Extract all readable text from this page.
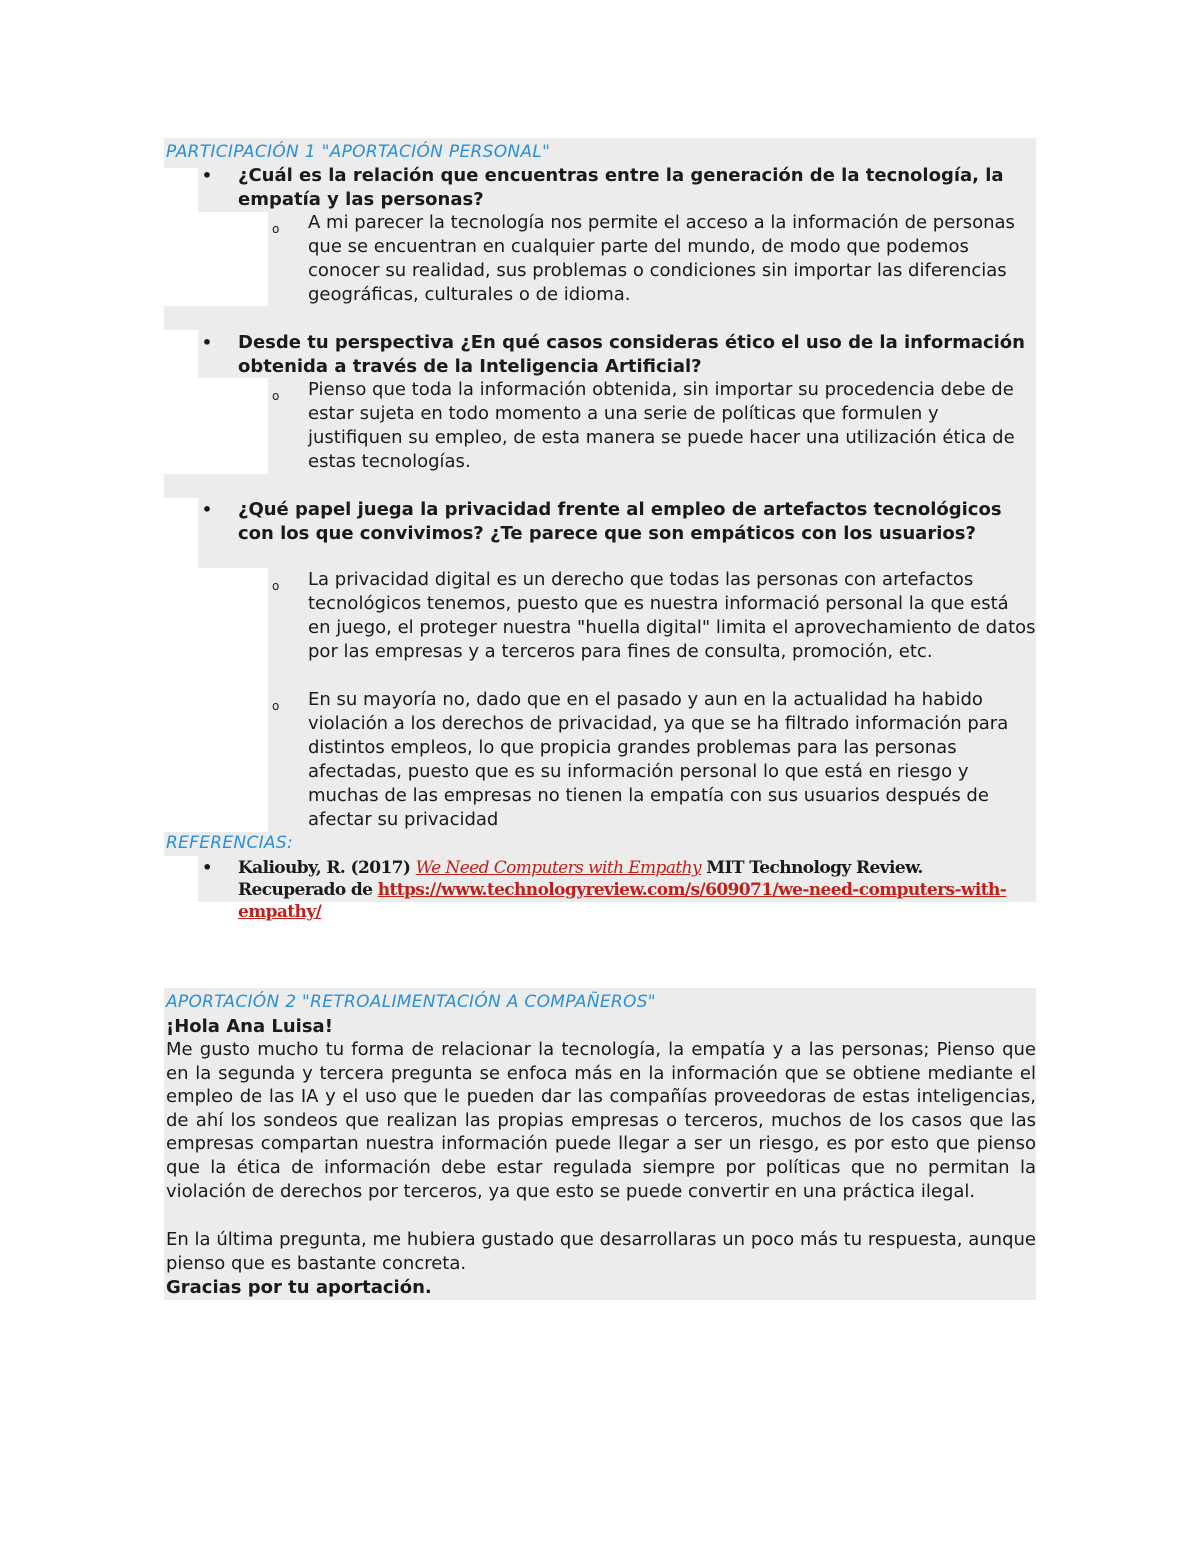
PARTICIPACIÓN 1 "APORTACIÓN PERSONAL"
• ¿Cuál es la relación que encuentras entre la generación de la tecnología, la empatía y las personas?
o A mi parecer la tecnología nos permite el acceso a la información de personas que se encuentran en cualquier parte del mundo, de modo que podemos conocer su realidad, sus problemas o condiciones sin importar las diferencias geográficas, culturales o de idioma.
• Desde tu perspectiva ¿En qué casos consideras ético el uso de la información obtenida a través de la Inteligencia Artificial?
o Pienso que toda la información obtenida, sin importar su procedencia debe de estar sujeta en todo momento a una serie de políticas que formulen y justifiquen su empleo, de esta manera se puede hacer una utilización ética de estas tecnologías.
• ¿Qué papel juega la privacidad frente al empleo de artefactos tecnológicos con los que convivimos? ¿Te parece que son empáticos con los usuarios?
o La privacidad digital es un derecho que todas las personas con artefactos tecnológicos tenemos, puesto que es nuestra informació personal la que está en juego, el proteger nuestra "huella digital" limita el aprovechamiento de datos por las empresas y a terceros para fines de consulta, promoción, etc.
o En su mayoría no, dado que en el pasado y aun en la actualidad ha habido violación a los derechos de privacidad, ya que se ha filtrado información para distintos empleos, lo que propicia grandes problemas para las personas afectadas, puesto que es su información personal lo que está en riesgo y muchas de las empresas no tienen la empatía con sus usuarios después de afectar su privacidad
REFERENCIAS:
• Kaliouby, R. (2017) We Need Computers with Empathy MIT Technology Review. Recuperado de https://www.technologyreview.com/s/609071/we-need-computers-with-empathy/
APORTACIÓN 2 "RETROALIMENTACIÓN A COMPAÑEROS"
¡Hola Ana Luisa!
Me gusto mucho tu forma de relacionar la tecnología, la empatía y a las personas; Pienso que en la segunda y tercera pregunta se enfoca más en la información que se obtiene mediante el empleo de las IA y el uso que le pueden dar las compañías proveedoras de estas inteligencias, de ahí los sondeos que realizan las propias empresas o terceros, muchos de los casos que las empresas compartan nuestra información puede llegar a ser un riesgo, es por esto que pienso que la ética de información debe estar regulada siempre por políticas que no permitan la violación de derechos por terceros, ya que esto se puede convertir en una práctica ilegal.
En la última pregunta, me hubiera gustado que desarrollaras un poco más tu respuesta, aunque pienso que es bastante concreta.
Gracias por tu aportación.
